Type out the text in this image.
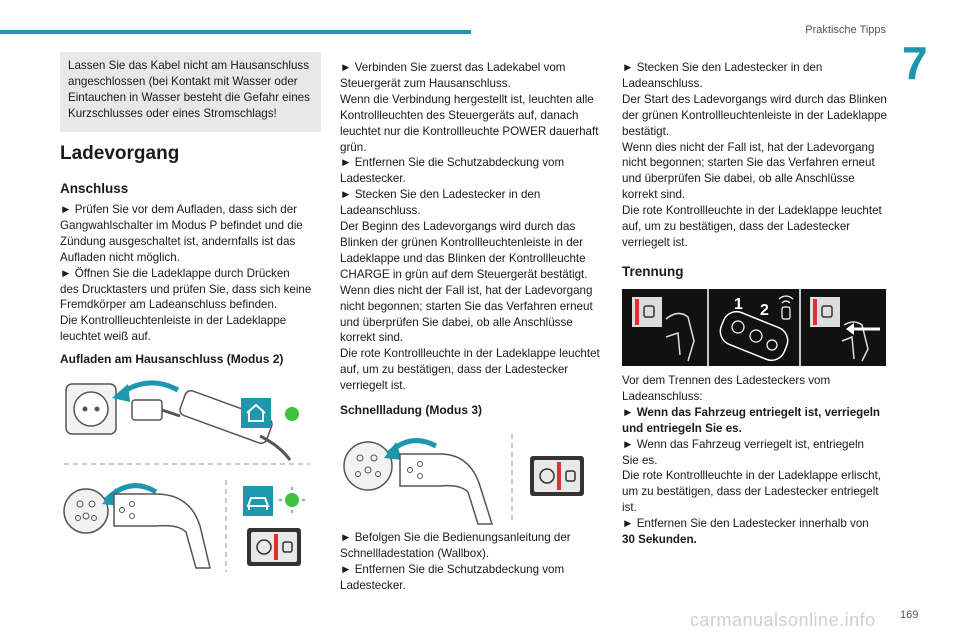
Praktische Tipps
7

Lassen Sie das Kabel nicht am Hausanschluss angeschlossen (bei Kontakt mit Wasser oder Eintauchen in Wasser besteht die Gefahr eines Kurzschlusses oder eines Stromschlags!

Ladevorgang
Anschluss

► Prüfen Sie vor dem Aufladen, dass sich der

Gangwahlschalter im Modus P befindet und die

Zündung ausgeschaltet ist, andernfalls ist das

Aufladen nicht möglich.

► Öffnen Sie die Ladeklappe durch Drücken

des Drucktasters und prüfen Sie, dass sich keine

Fremdkörper am Ladeanschluss befinden.

Die Kontrollleuchtenleiste in der Ladeklappe

leuchtet weiß auf.

Aufladen am Hausanschluss (Modus 2)

► Verbinden Sie zuerst das Ladekabel vom

Steuergerät zum Hausanschluss.

Wenn die Verbindung hergestellt ist, leuchten alle

Kontrollleuchten des Steuergeräts auf, danach

leuchtet nur die Kontrollleuchte POWER dauerhaft

grün.

► Entfernen Sie die Schutzabdeckung vom

Ladestecker.

► Stecken Sie den Ladestecker in den

Ladeanschluss.

Der Beginn des Ladevorgangs wird durch das

Blinken der grünen Kontrollleuchtenleiste in der

Ladeklappe und das Blinken der Kontrollleuchte

CHARGE in grün auf dem Steuergerät bestätigt.

Wenn dies nicht der Fall ist, hat der Ladevorgang

nicht begonnen; starten Sie das Verfahren erneut

und überprüfen Sie dabei, ob alle Anschlüsse

korrekt sind.

Die rote Kontrollleuchte in der Ladeklappe leuchtet

auf, um zu bestätigen, dass der Ladestecker

verriegelt ist.

Schnellladung (Modus 3)

► Befolgen Sie die Bedienungsanleitung der

Schnellladestation (Wallbox).

► Entfernen Sie die Schutzabdeckung vom

Ladestecker.

► Stecken Sie den Ladestecker in den

Ladeanschluss.

Der Start des Ladevorgangs wird durch das Blinken

der grünen Kontrollleuchtenleiste in der Ladeklappe

bestätigt.

Wenn dies nicht der Fall ist, hat der Ladevorgang

nicht begonnen; starten Sie das Verfahren erneut

und überprüfen Sie dabei, ob alle Anschlüsse

korrekt sind.

Die rote Kontrollleuchte in der Ladeklappe leuchtet

auf, um zu bestätigen, dass der Ladestecker

verriegelt ist.

Trennung
1 2

Vor dem Trennen des Ladesteckers vom

Ladeanschluss:

► Wenn das Fahrzeug entriegelt ist, verriegeln

und entriegeln Sie es.

► Wenn das Fahrzeug verriegelt ist, entriegeln

Sie es.

Die rote Kontrollleuchte in der Ladeklappe erlischt,

um zu bestätigen, dass der Ladestecker entriegelt

ist.

► Entfernen Sie den Ladestecker innerhalb von

30 Sekunden.

carmanualsonline.info 169
